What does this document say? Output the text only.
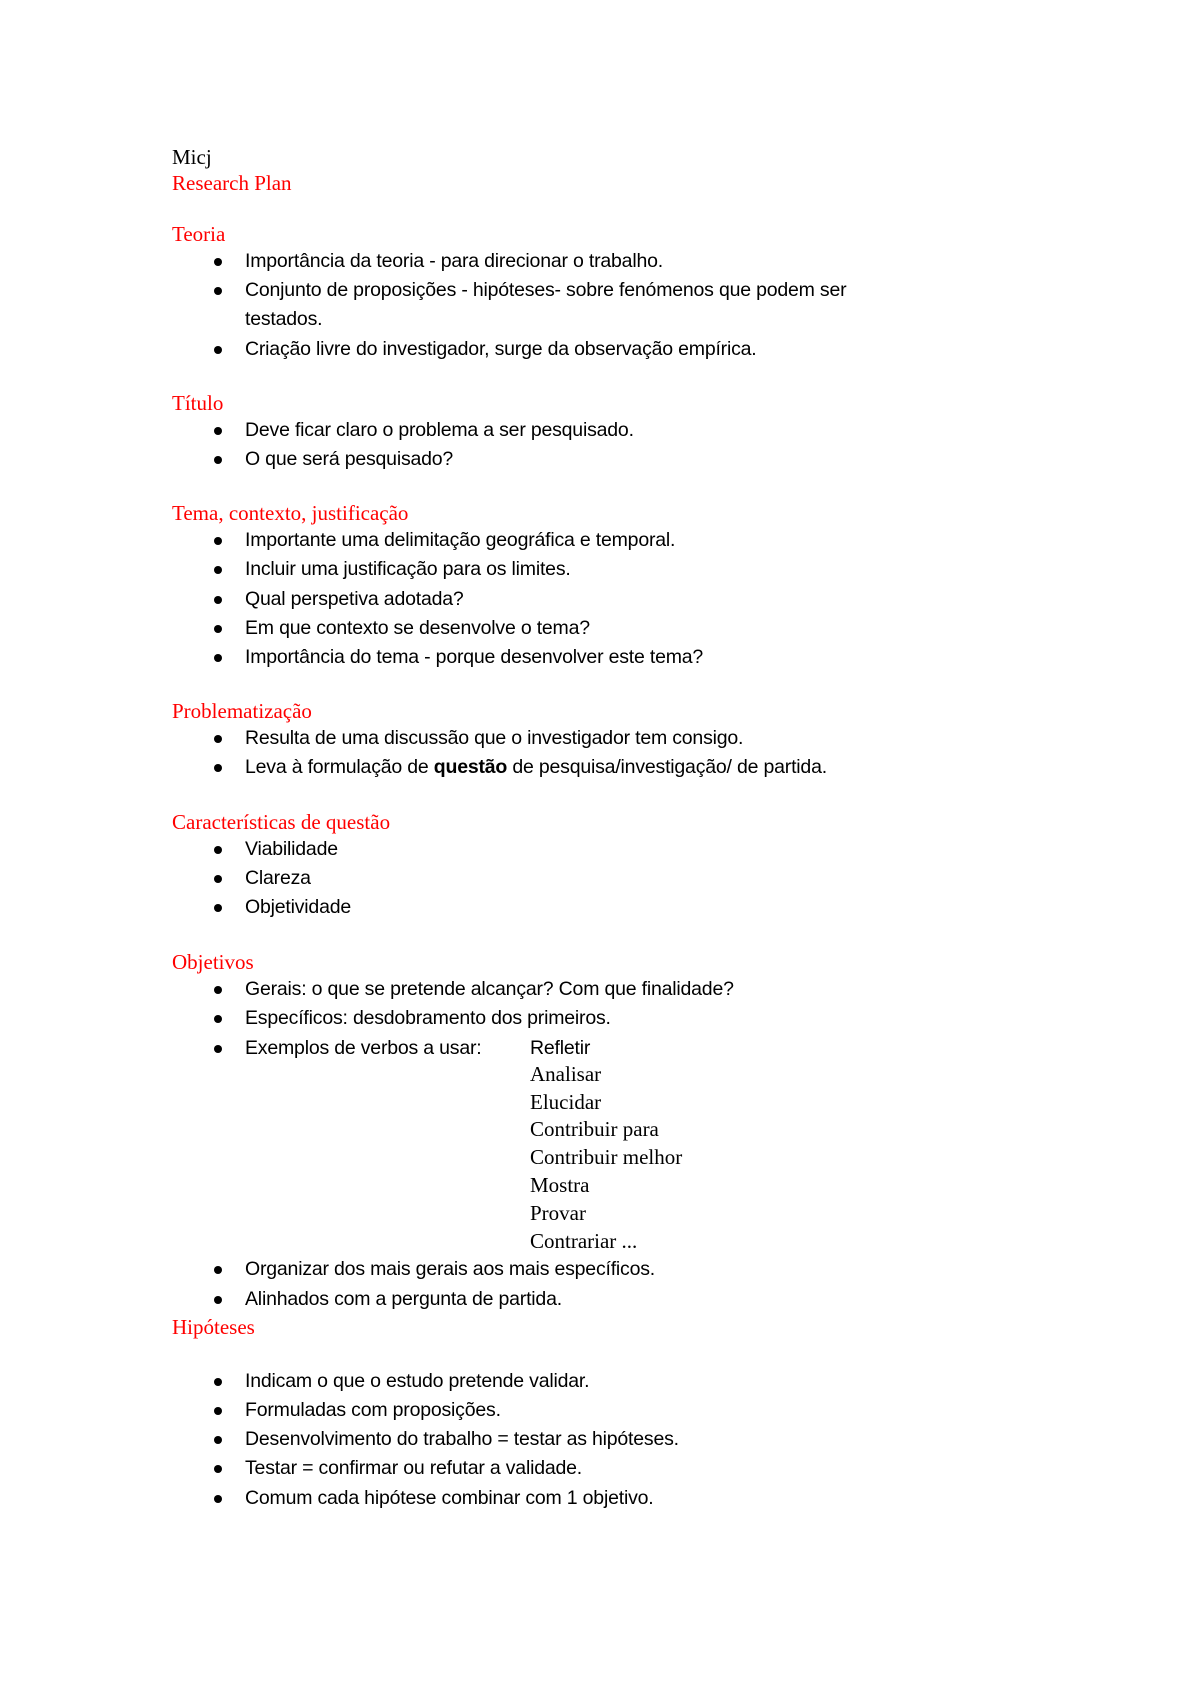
Micj
Research Plan
Teoria
Importância da teoria - para direcionar o trabalho.
Conjunto de proposições - hipóteses- sobre fenómenos que podem ser
testados.
Criação livre do investigador, surge da observação empírica.
Título
Deve ficar claro o problema a ser pesquisado.
O que será pesquisado?
Tema, contexto, justificação
Importante uma delimitação geográfica e temporal.
Incluir uma justificação para os limites.
Qual perspetiva adotada?
Em que contexto se desenvolve o tema?
Importância do tema - porque desenvolver este tema?
Problematização
Resulta de uma discussão que o investigador tem consigo.
Leva à formulação de questão de pesquisa/investigação/ de partida.
Características de questão
Viabilidade
Clareza
Objetividade
Objetivos
Gerais: o que se pretende alcançar? Com que finalidade?
Específicos: desdobramento dos primeiros.
Exemplos de verbos a usar: Refletir
Analisar
Elucidar
Contribuir para
Contribuir melhor
Mostra
Provar
Contrariar ...
Organizar dos mais gerais aos mais específicos.
Alinhados com a pergunta de partida.
Hipóteses
Indicam o que o estudo pretende validar.
Formuladas com proposições.
Desenvolvimento do trabalho = testar as hipóteses.
Testar = confirmar ou refutar a validade.
Comum cada hipótese combinar com 1 objetivo.
